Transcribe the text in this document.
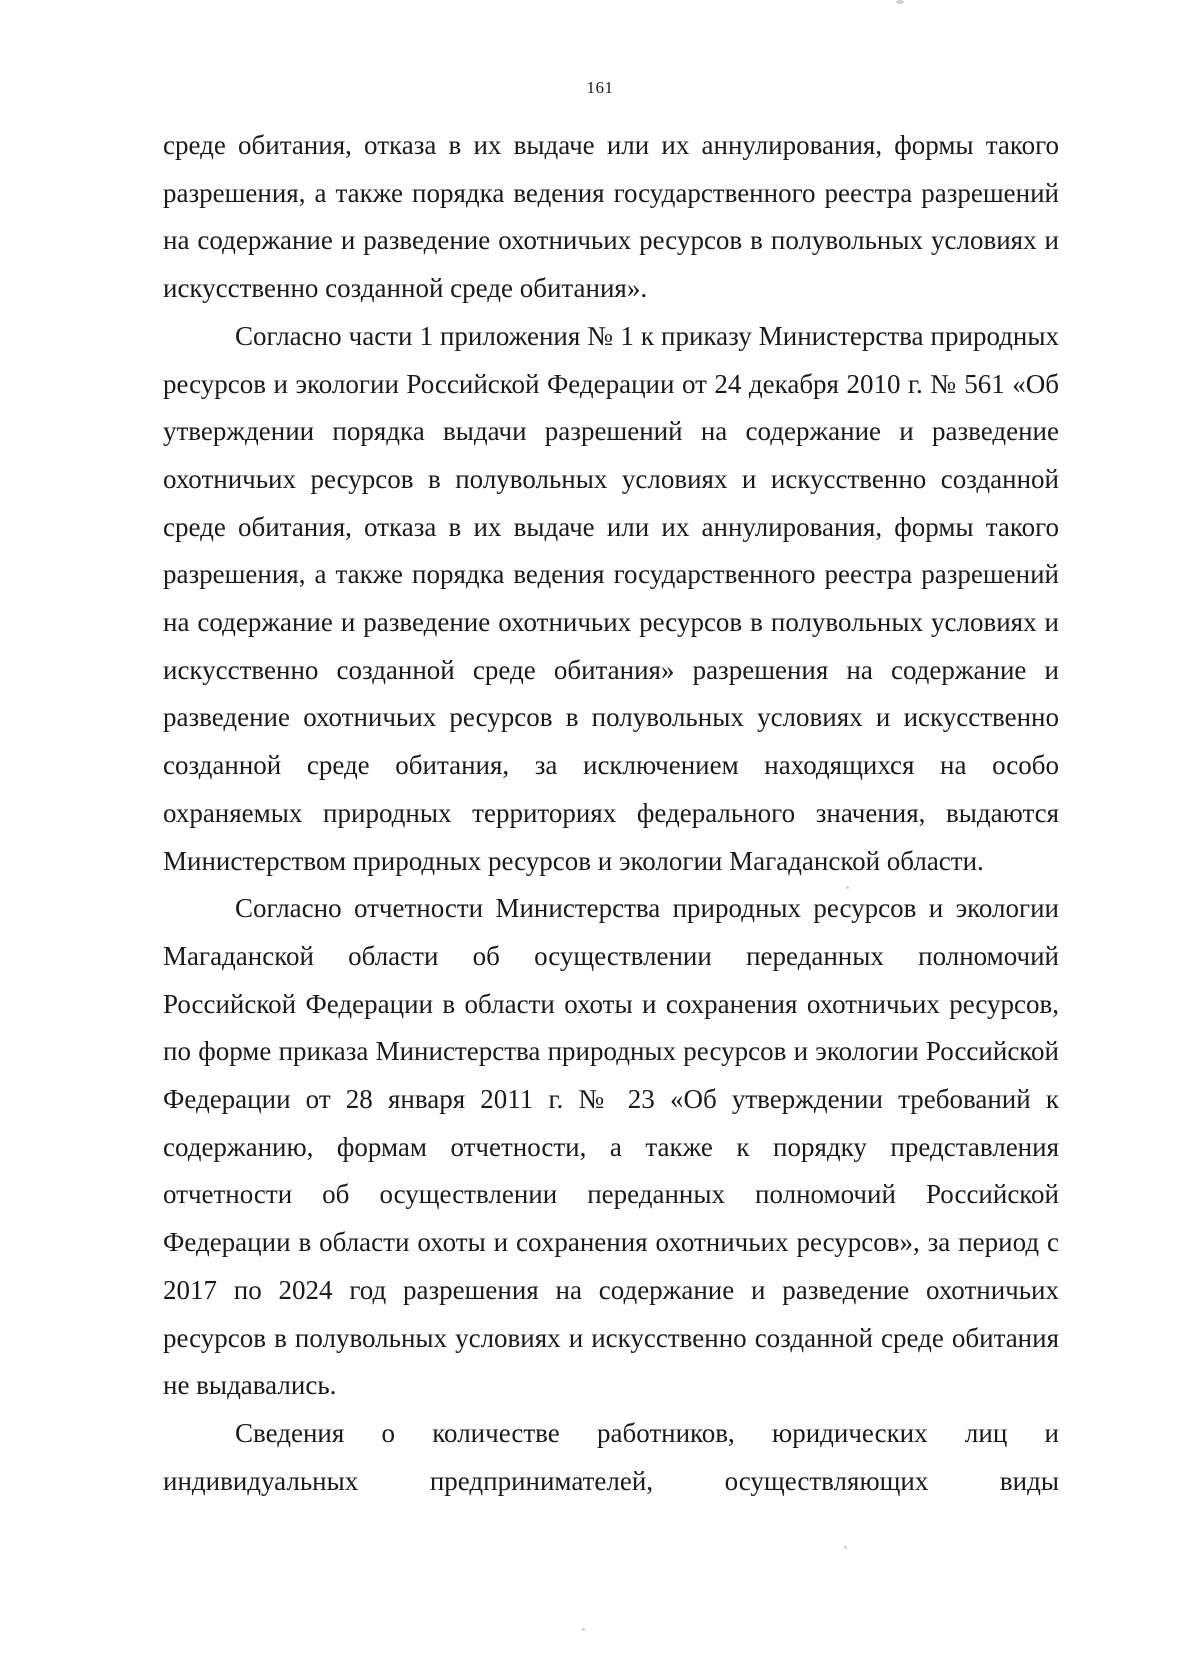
161

среде обитания, отказа в их выдаче или их аннулирования, формы такого разрешения, а также порядка ведения государственного реестра разрешений на содержание и разведение охотничьих ресурсов в полувольных условиях и искусственно созданной среде обитания».

Согласно части 1 приложения № 1 к приказу Министерства природных ресурсов и экологии Российской Федерации от 24 декабря 2010 г. № 561 «Об утверждении порядка выдачи разрешений на содержание и разведение охотничьих ресурсов в полувольных условиях и искусственно созданной среде обитания, отказа в их выдаче или их аннулирования, формы такого разрешения, а также порядка ведения государственного реестра разрешений на содержание и разведение охотничьих ресурсов в полувольных условиях и искусственно созданной среде обитания» разрешения на содержание и разведение охотничьих ресурсов в полувольных условиях и искусственно созданной среде обитания, за исключением находящихся на особо охраняемых природных территориях федерального значения, выдаются Министерством природных ресурсов и экологии Магаданской области.

Согласно отчетности Министерства природных ресурсов и экологии Магаданской области об осуществлении переданных полномочий Российской Федерации в области охоты и сохранения охотничьих ресурсов, по форме приказа Министерства природных ресурсов и экологии Российской Федерации от 28 января 2011 г. № 23 «Об утверждении требований к содержанию, формам отчетности, а также к порядку представления отчетности об осуществлении переданных полномочий Российской Федерации в области охоты и сохранения охотничьих ресурсов», за период с 2017 по 2024 год разрешения на содержание и разведение охотничьих ресурсов в полувольных условиях и искусственно созданной среде обитания не выдавались.

Сведения о количестве работников, юридических лиц и индивидуальных предпринимателей, осуществляющих виды
